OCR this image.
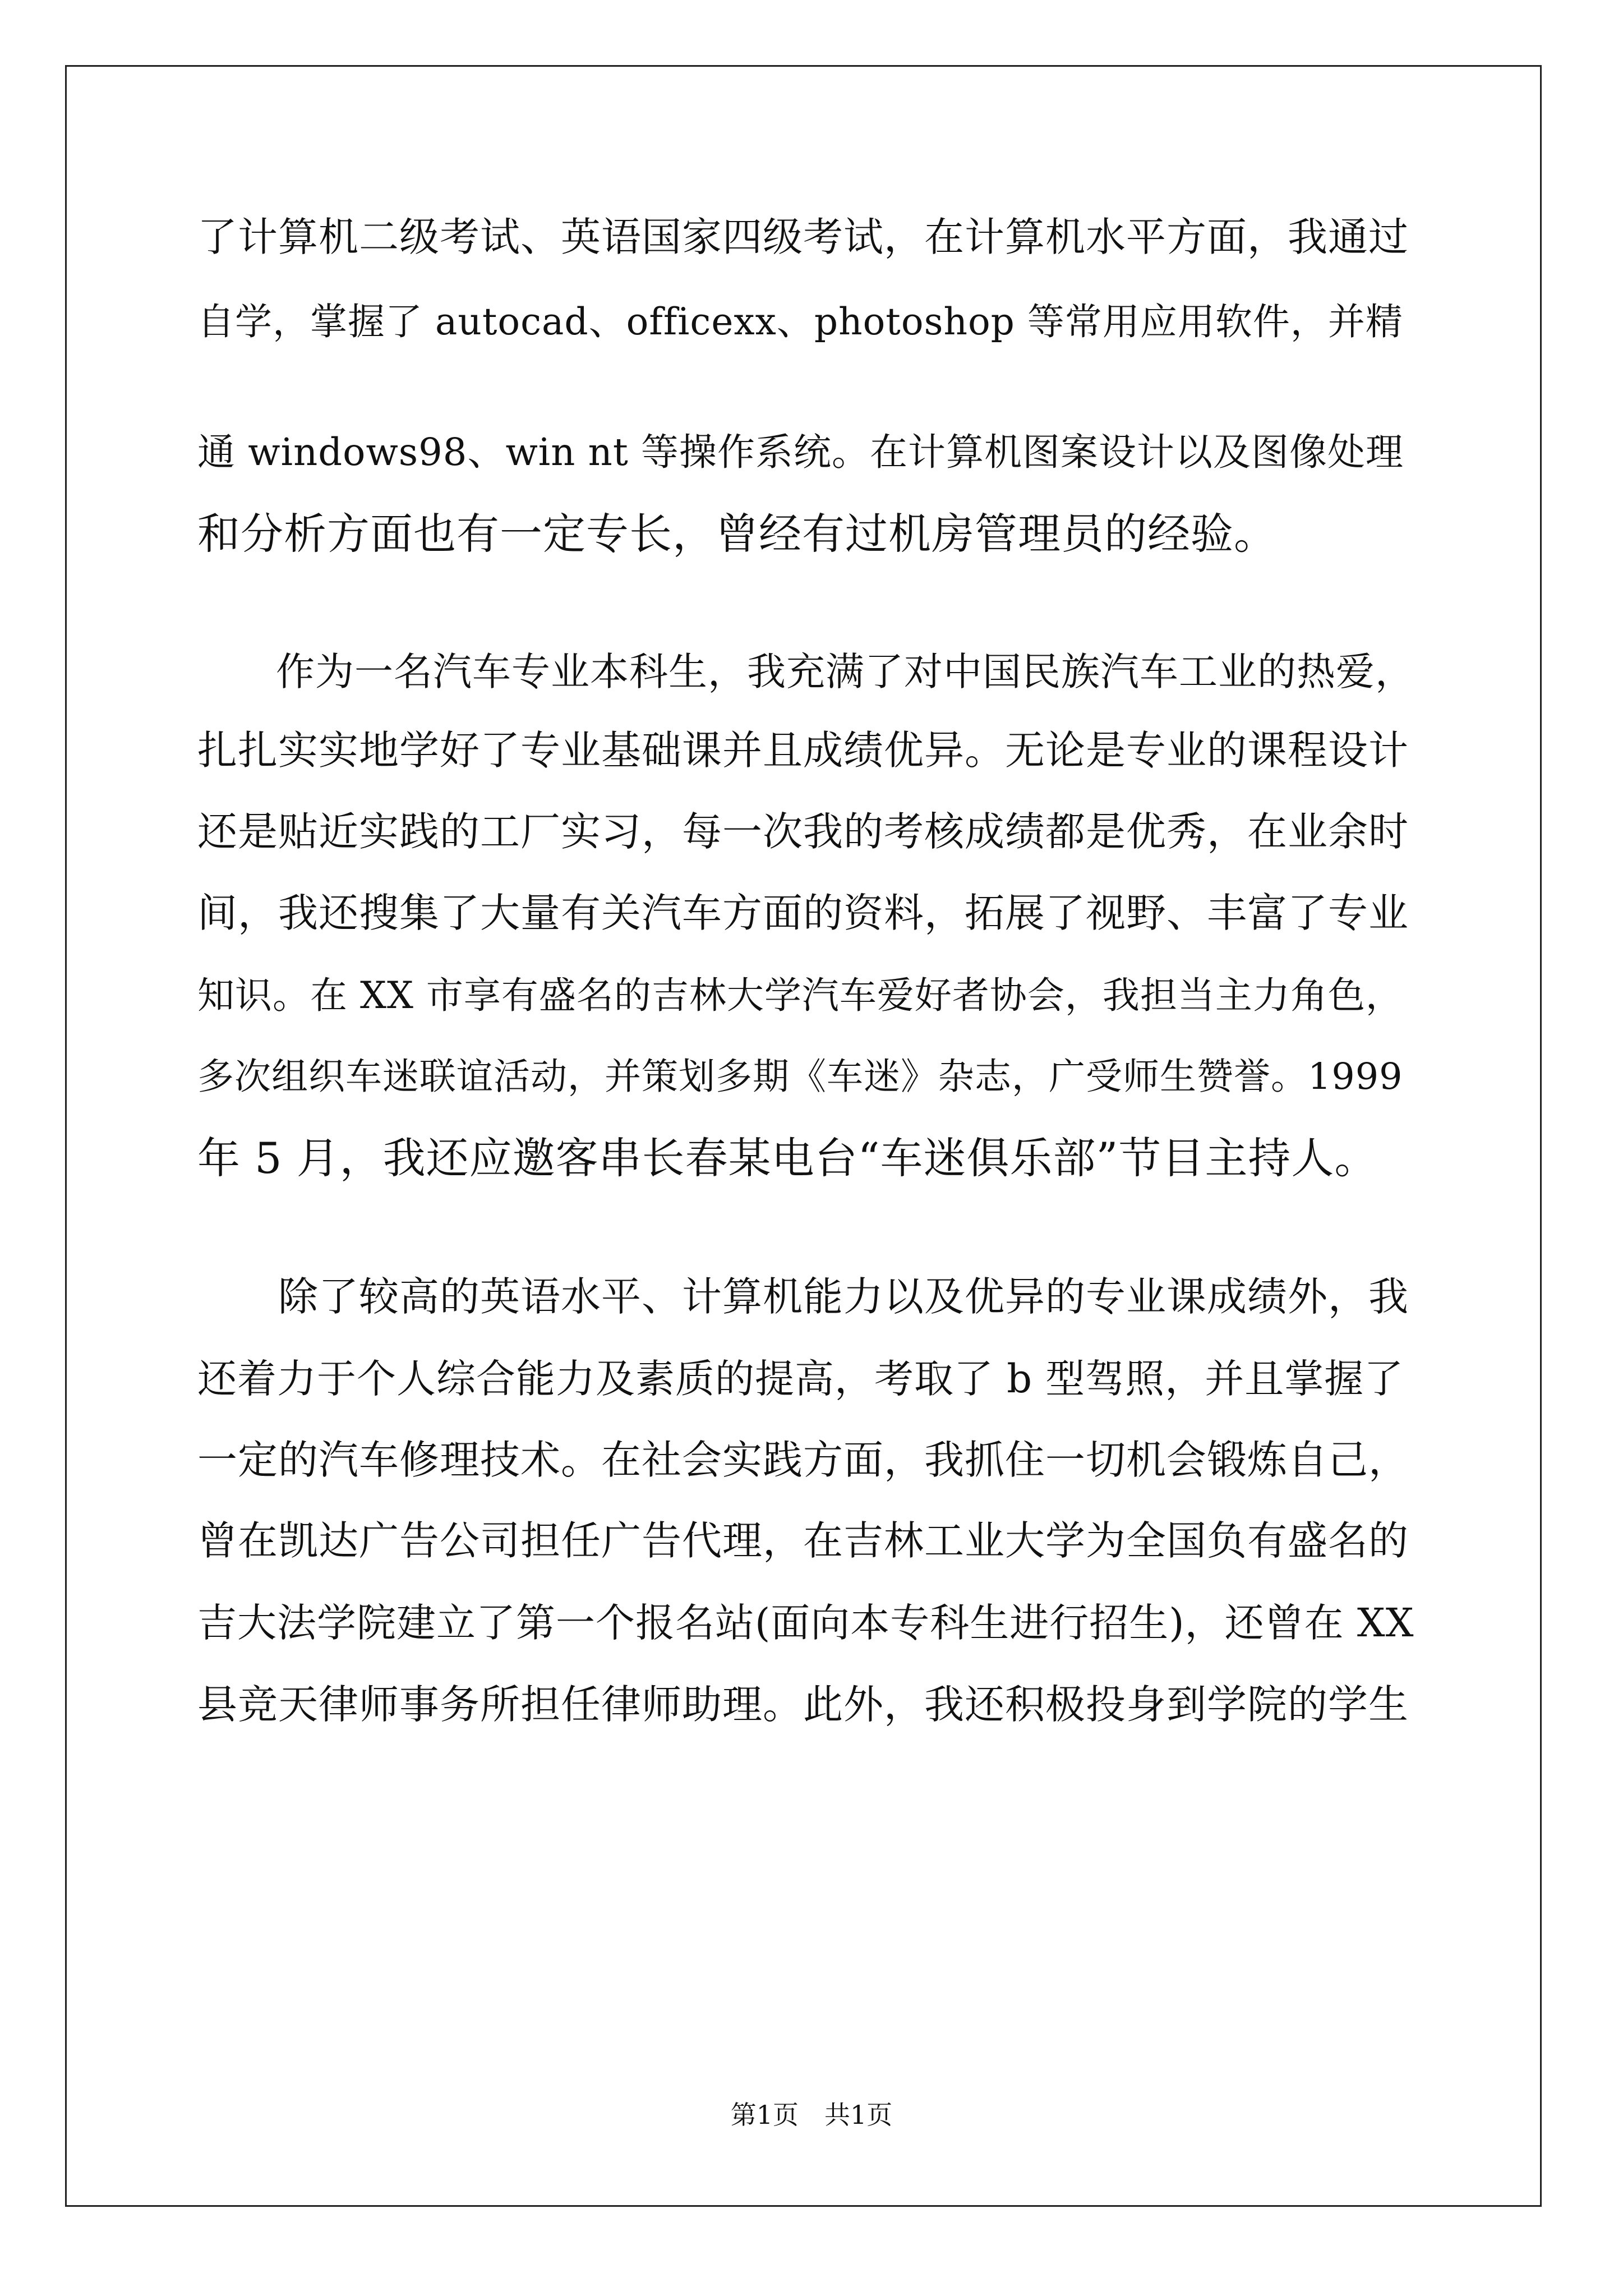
了计算机二级考试、英语国家四级考试，在计算机水平方面，我通过
自学，掌握了 autocad、officexx、photoshop 等常用应用软件，并精
通 windows98、win nt 等操作系统。在计算机图案设计以及图像处理
和分析方面也有一定专长，曾经有过机房管理员的经验。
　　作为一名汽车专业本科生，我充满了对中国民族汽车工业的热爱，
扎扎实实地学好了专业基础课并且成绩优异。无论是专业的课程设计
还是贴近实践的工厂实习，每一次我的考核成绩都是优秀，在业余时
间，我还搜集了大量有关汽车方面的资料，拓展了视野、丰富了专业
知识。在 XX 市享有盛名的吉林大学汽车爱好者协会，我担当主力角色，
多次组织车迷联谊活动，并策划多期《车迷》杂志，广受师生赞誉。1999
年 5 月，我还应邀客串长春某电台“车迷俱乐部”节目主持人。
　　除了较高的英语水平、计算机能力以及优异的专业课成绩外，我
还着力于个人综合能力及素质的提高，考取了 b 型驾照，并且掌握了
一定的汽车修理技术。在社会实践方面，我抓住一切机会锻炼自己，
曾在凯达广告公司担任广告代理，在吉林工业大学为全国负有盛名的
吉大法学院建立了第一个报名站(面向本专科生进行招生)，还曾在 XX
县竞天律师事务所担任律师助理。此外，我还积极投身到学院的学生
第1页　共1页
